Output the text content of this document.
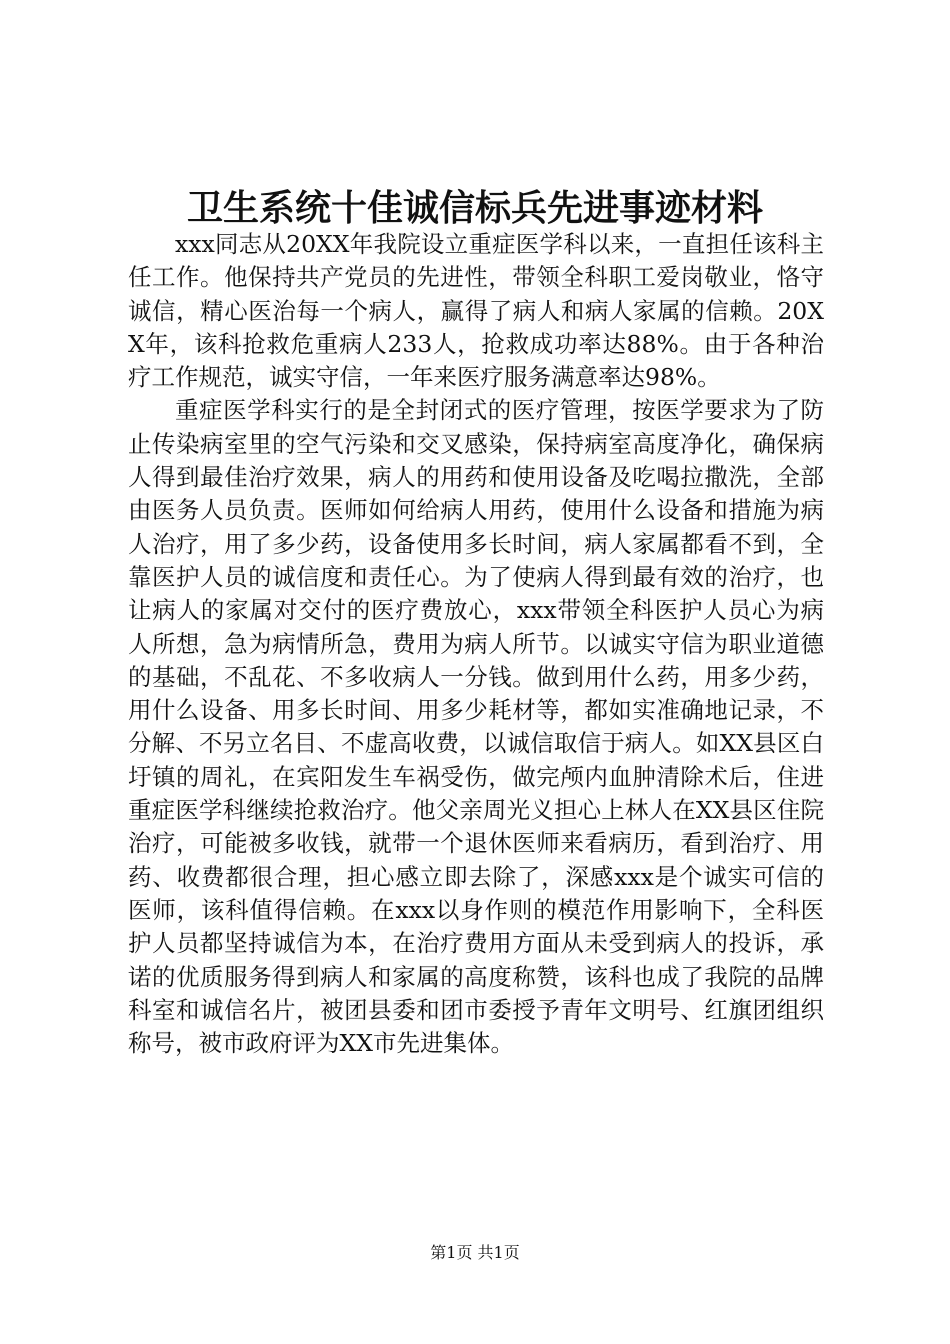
卫生系统十佳诚信标兵先进事迹材料

xxx同志从20XX年我院设立重症医学科以来，一直担任该科主任工作。他保持共产党员的先进性，带领全科职工爱岗敬业，恪守诚信，精心医治每一个病人，赢得了病人和病人家属的信赖。20XX年，该科抢救危重病人233人，抢救成功率达88%。由于各种治疗工作规范，诚实守信，一年来医疗服务满意率达98%。

重症医学科实行的是全封闭式的医疗管理，按医学要求为了防止传染病室里的空气污染和交叉感染，保持病室高度净化，确保病人得到最佳治疗效果，病人的用药和使用设备及吃喝拉撒洗，全部由医务人员负责。医师如何给病人用药，使用什么设备和措施为病人治疗，用了多少药，设备使用多长时间，病人家属都看不到，全靠医护人员的诚信度和责任心。为了使病人得到最有效的治疗，也让病人的家属对交付的医疗费放心，xxx带领全科医护人员心为病人所想，急为病情所急，费用为病人所节。以诚实守信为职业道德的基础，不乱花、不多收病人一分钱。做到用什么药，用多少药，用什么设备、用多长时间、用多少耗材等，都如实准确地记录，不分解、不另立名目、不虚高收费，以诚信取信于病人。如XX县区白圩镇的周礼，在宾阳发生车祸受伤，做完颅内血肿清除术后，住进重症医学科继续抢救治疗。他父亲周光义担心上林人在XX县区住院治疗，可能被多收钱，就带一个退休医师来看病历，看到治疗、用药、收费都很合理，担心感立即去除了，深感xxx是个诚实可信的医师，该科值得信赖。在xxx以身作则的模范作用影响下，全科医护人员都坚持诚信为本，在治疗费用方面从未受到病人的投诉，承诺的优质服务得到病人和家属的高度称赞，该科也成了我院的品牌科室和诚信名片，被团县委和团市委授予青年文明号、红旗团组织称号，被市政府评为XX市先进集体。

第1页 共1页
